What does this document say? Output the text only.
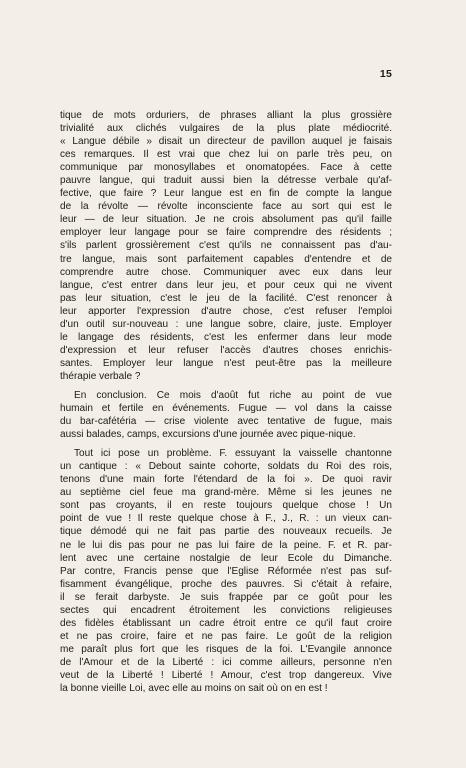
15
tique de mots orduriers, de phrases alliant la plus grossière
trivialité aux clichés vulgaires de la plus plate médiocrité.
« Langue débile » disait un directeur de pavillon auquel je faisais
ces remarques. Il est vrai que chez lui on parle très peu, on
communique par monosyllabes et onomatopées. Face à cette
pauvre langue, qui traduit aussi bien la détresse verbale qu'af-
fective, que faire ? Leur langue est en fin de compte la langue
de la révolte — révolte inconsciente face au sort qui est le
leur — de leur situation. Je ne crois absolument pas qu'il faille
employer leur langage pour se faire comprendre des résidents ;
s'ils parlent grossièrement c'est qu'ils ne connaissent pas d'au-
tre langue, mais sont parfaitement capables d'entendre et de
comprendre autre chose. Communiquer avec eux dans leur
langue, c'est entrer dans leur jeu, et pour ceux qui ne vivent
pas leur situation, c'est le jeu de la facilité. C'est renoncer à
leur apporter l'expression d'autre chose, c'est refuser l'emploi
d'un outil sur-nouveau : une langue sobre, claire, juste. Employer
le langage des résidents, c'est les enfermer dans leur mode
d'expression et leur refuser l'accès d'autres choses enrichis-
santes. Employer leur langue n'est peut-être pas la meilleure
thérapie verbale ?
En conclusion. Ce mois d'août fut riche au point de vue
humain et fertile en événements. Fugue — vol dans la caisse
du bar-cafétéria — crise violente avec tentative de fugue, mais
aussi balades, camps, excursions d'une journée avec pique-nique.
Tout ici pose un problème. F. essuyant la vaisselle chantonne
un cantique : « Debout sainte cohorte, soldats du Roi des rois,
tenons d'une main forte l'étendard de la foi ». De quoi ravir
au septième ciel feue ma grand-mère. Même si les jeunes ne
sont pas croyants, il en reste toujours quelque chose ! Un
point de vue ! Il reste quelque chose à F., J., R. : un vieux can-
tique démodé qui ne fait pas partie des nouveaux recueils. Je
ne le lui dis pas pour ne pas lui faire de la peine. F. et R. par-
lent avec une certaine nostalgie de leur Ecole du Dimanche.
Par contre, Francis pense que l'Eglise Réformée n'est pas suf-
fisamment évangélique, proche des pauvres. Si c'était à refaire,
il se ferait darbyste. Je suis frappée par ce goût pour les
sectes qui encadrent étroitement les convictions religieuses
des fidèles établissant un cadre étroit entre ce qu'il faut croire
et ne pas croire, faire et ne pas faire. Le goût de la religion
me paraît plus fort que les risques de la foi. L'Evangile annonce
de l'Amour et de la Liberté : ici comme ailleurs, personne n'en
veut de la Liberté ! Liberté ! Amour, c'est trop dangereux. Vive
la bonne vieille Loi, avec elle au moins on sait où on en est !
